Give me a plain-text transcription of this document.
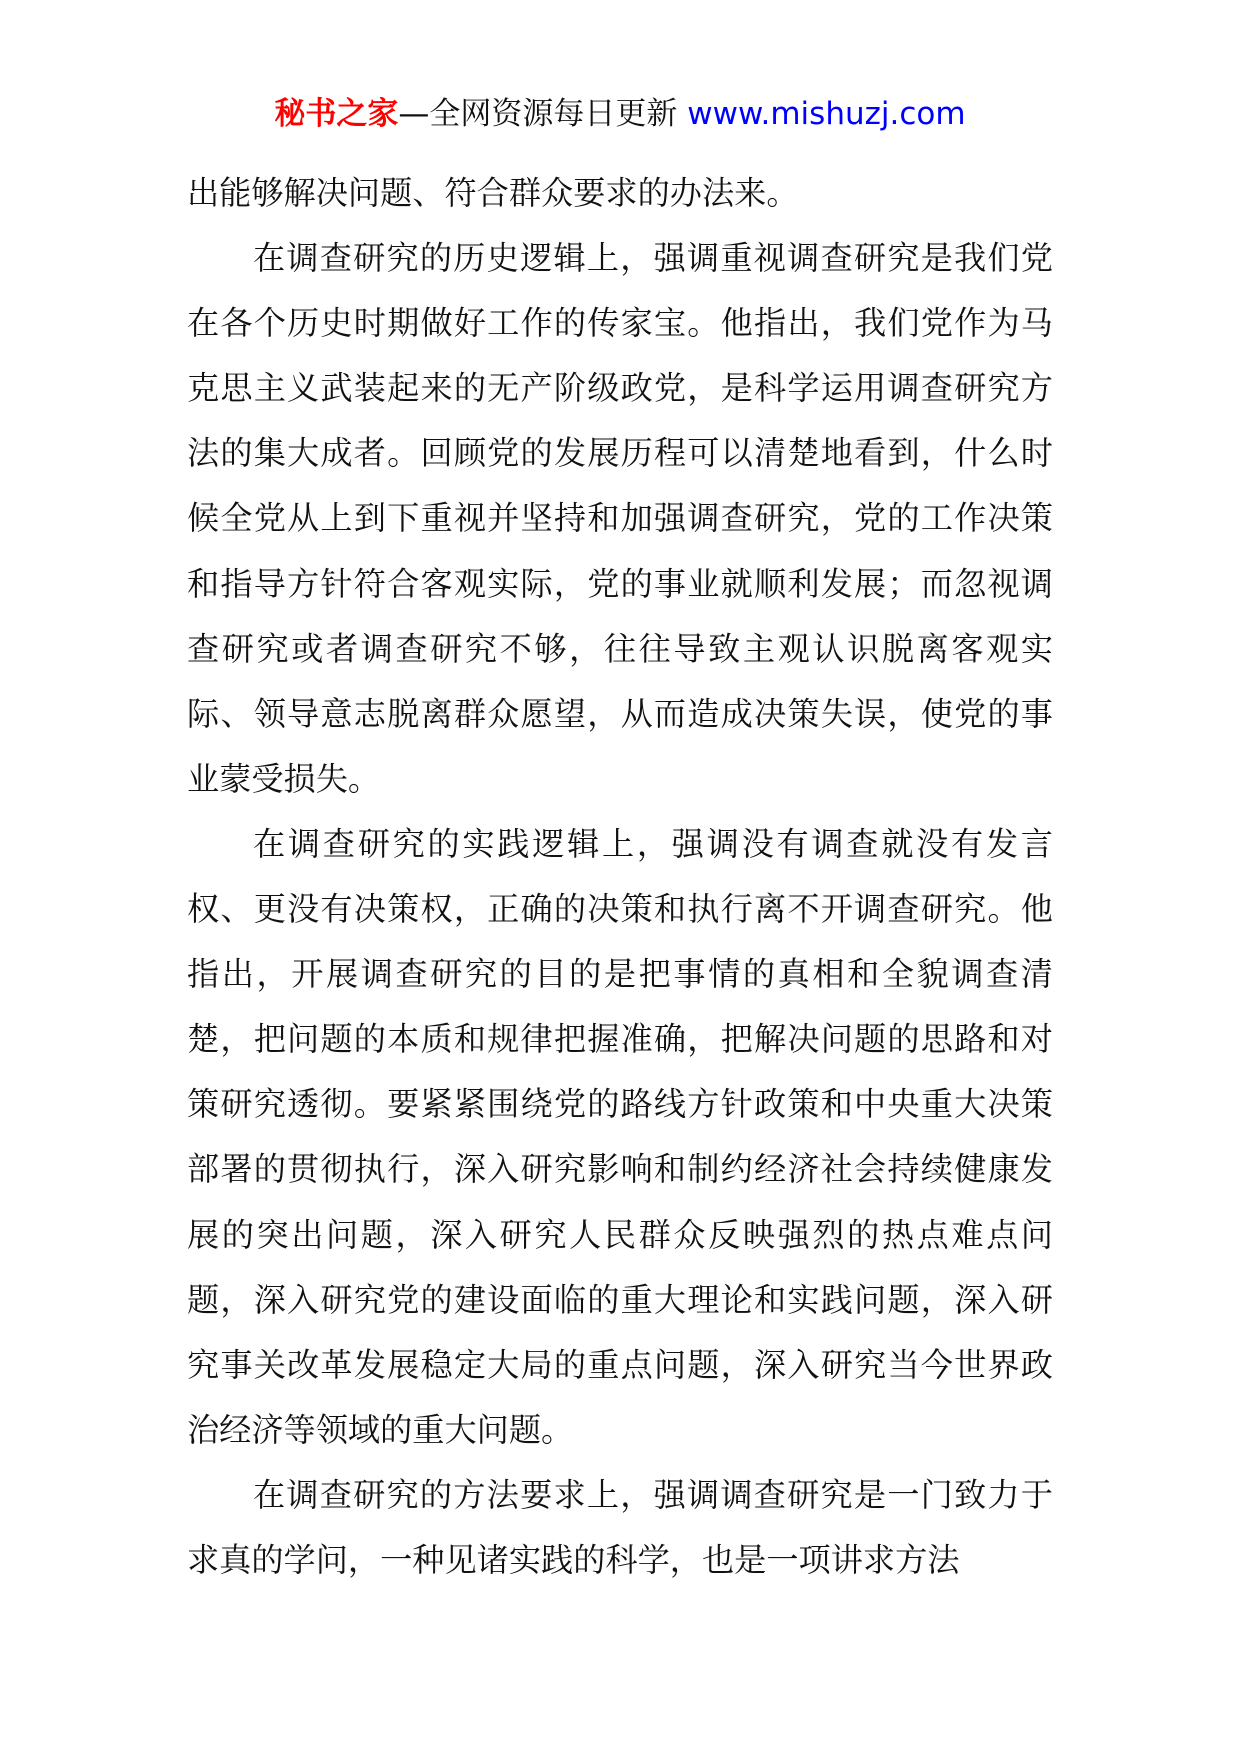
秘书之家—全网资源每日更新 www.mishuzj.com

出能够解决问题、符合群众要求的办法来。

在调查研究的历史逻辑上，强调重视调查研究是我们党在各个历史时期做好工作的传家宝。他指出，我们党作为马克思主义武装起来的无产阶级政党，是科学运用调查研究方法的集大成者。回顾党的发展历程可以清楚地看到，什么时候全党从上到下重视并坚持和加强调查研究，党的工作决策和指导方针符合客观实际，党的事业就顺利发展；而忽视调查研究或者调查研究不够，往往导致主观认识脱离客观实际、领导意志脱离群众愿望，从而造成决策失误，使党的事业蒙受损失。

在调查研究的实践逻辑上，强调没有调查就没有发言权、更没有决策权，正确的决策和执行离不开调查研究。他指出，开展调查研究的目的是把事情的真相和全貌调查清楚，把问题的本质和规律把握准确，把解决问题的思路和对策研究透彻。要紧紧围绕党的路线方针政策和中央重大决策部署的贯彻执行，深入研究影响和制约经济社会持续健康发展的突出问题，深入研究人民群众反映强烈的热点难点问题，深入研究党的建设面临的重大理论和实践问题，深入研究事关改革发展稳定大局的重点问题，深入研究当今世界政治经济等领域的重大问题。

在调查研究的方法要求上，强调调查研究是一门致力于求真的学问，一种见诸实践的科学，也是一项讲求方法
